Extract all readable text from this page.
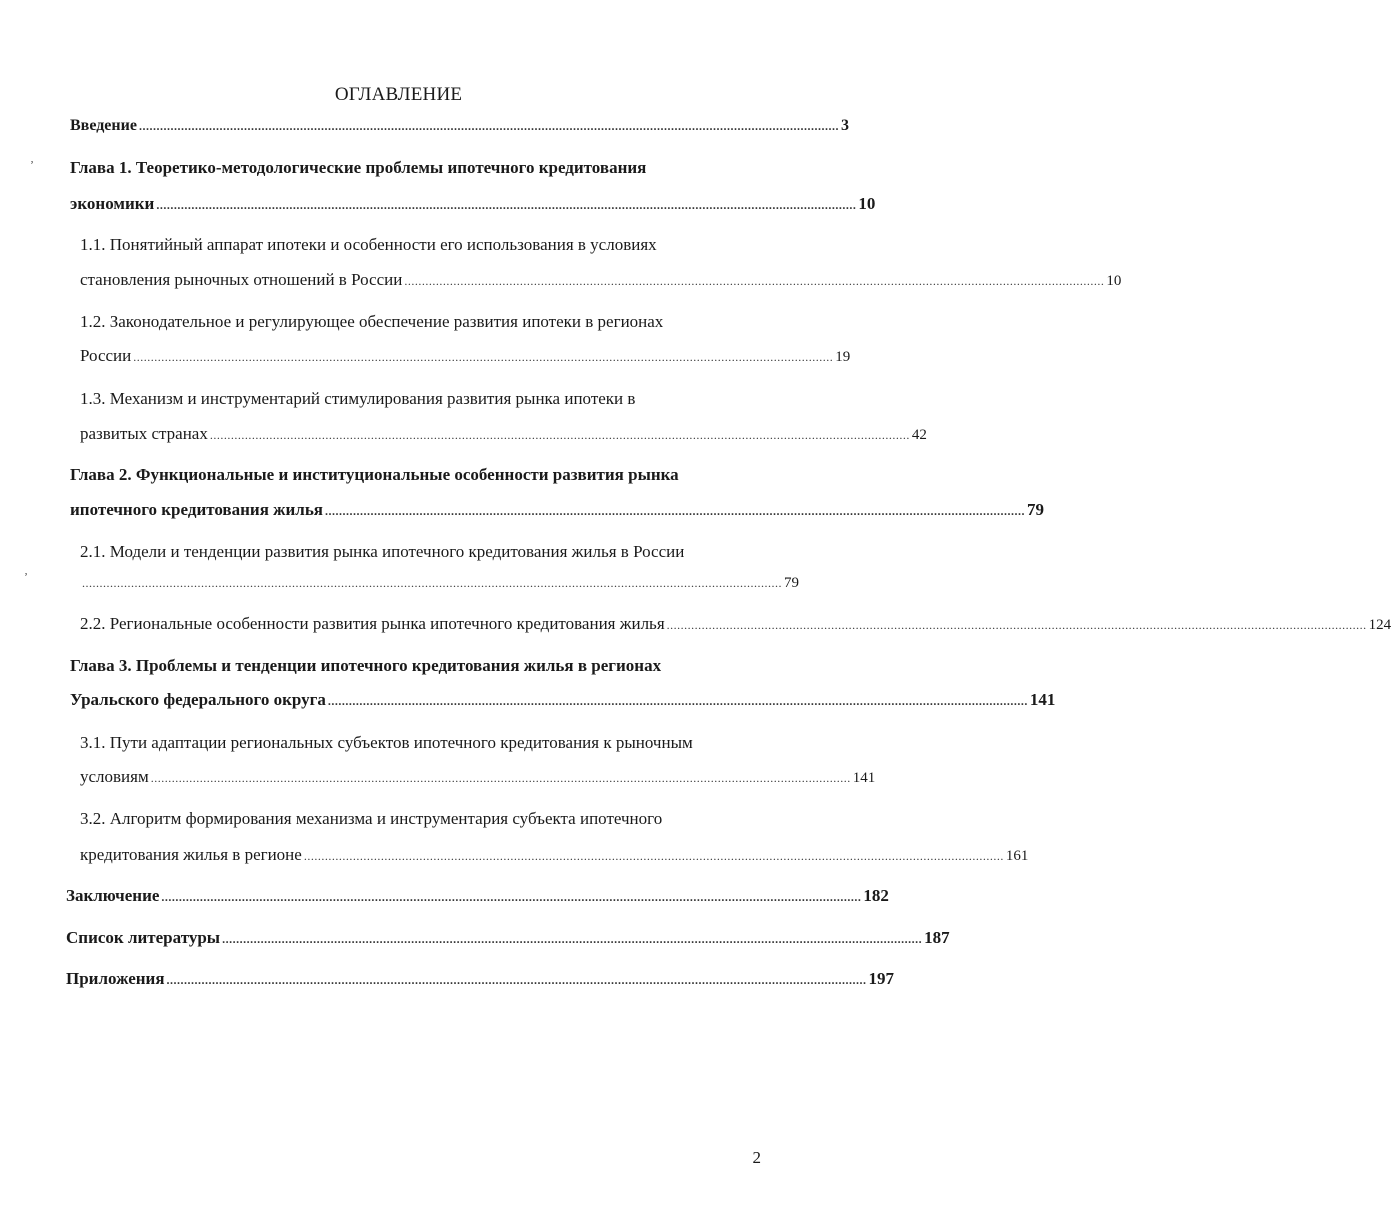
ОГЛАВЛЕНИЕ
Введение ........................................................................................................................................................................................................ 3
Глава 1. Теоретико-методологические проблемы ипотечного кредитования
экономики ........................................................................................................................................................................................................ 10
1.1. Понятийный аппарат ипотеки и особенности его использования в условиях
становления рыночных отношений в России ........................................................................................................................................................................................................ 10
1.2. Законодательное и регулирующее обеспечение развития ипотеки в регионах
России ........................................................................................................................................................................................................ 19
1.3. Механизм и инструментарий стимулирования развития рынка ипотеки в
развитых странах ........................................................................................................................................................................................................ 42
Глава 2. Функциональные и институциональные особенности развития рынка
ипотечного кредитования жилья ........................................................................................................................................................................................................ 79
2.1. Модели и тенденции развития рынка ипотечного кредитования жилья в России
........................................................................................................................................................................................................ 79
2.2. Региональные особенности развития рынка ипотечного кредитования жилья ........................................................................................................................................................................................................ 124
Глава 3. Проблемы и тенденции ипотечного кредитования жилья в регионах
Уральского федерального округа ........................................................................................................................................................................................................ 141
3.1. Пути адаптации региональных субъектов ипотечного кредитования к рыночным
условиям ........................................................................................................................................................................................................ 141
3.2. Алгоритм формирования механизма и инструментария субъекта ипотечного
кредитования жилья в регионе ........................................................................................................................................................................................................ 161
Заключение ........................................................................................................................................................................................................ 182
Список литературы ........................................................................................................................................................................................................ 187
Приложения ........................................................................................................................................................................................................ 197
ʼ
ʼ
2
